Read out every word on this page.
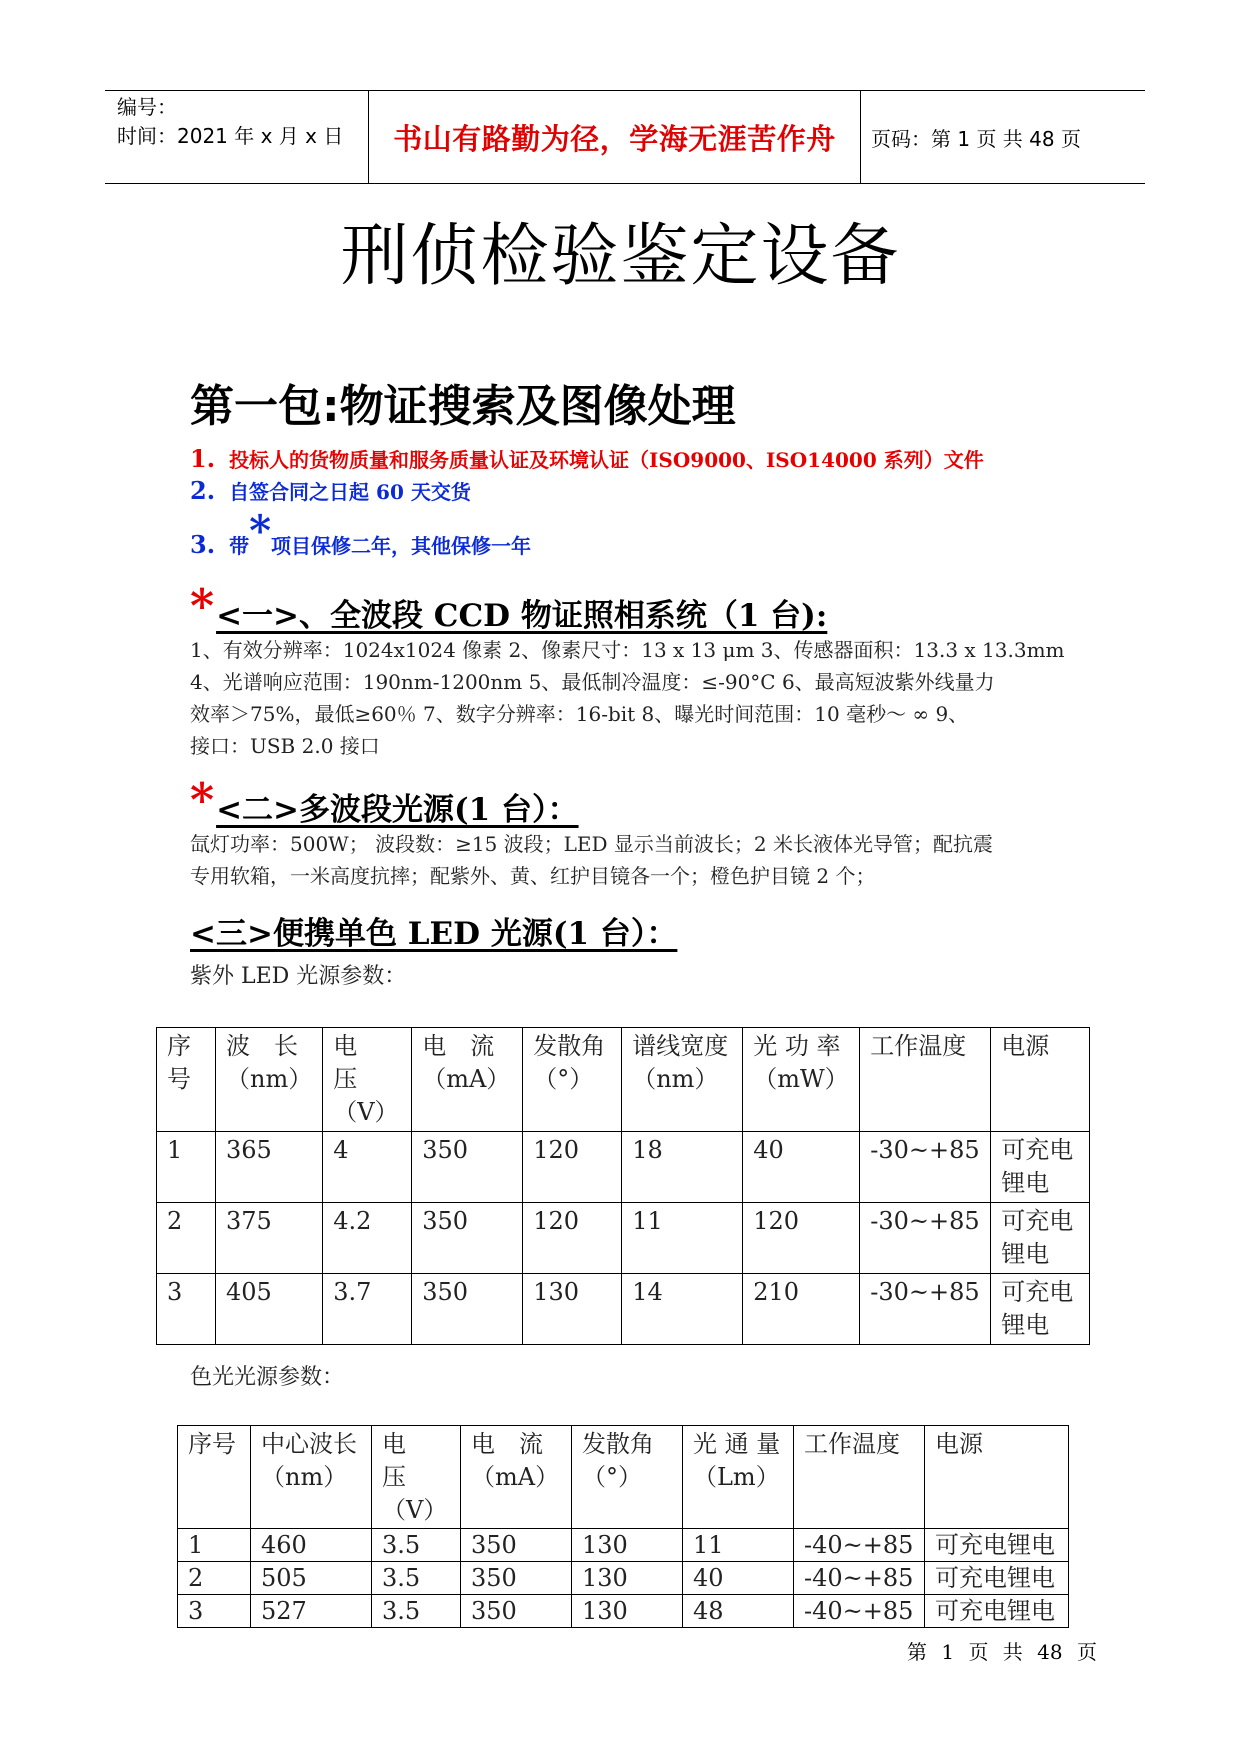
编号：
时间：2021 年 x 月 x 日	书山有路勤为径，学海无涯苦作舟	页码：第 1 页 共 48 页
刑侦检验鉴定设备
第一包:物证搜索及图像处理
1. 投标人的货物质量和服务质量认证及环境认证（ISO9000、ISO14000 系列）文件
2. 自签合同之日起 60 天交货
3. 带*项目保修二年，其他保修一年
*<一>、全波段 CCD 物证照相系统（1 台):

1、有效分辨率：1024x1024 像素 2、像素尺寸：13 x 13 μm 3、传感器面积：13.3 x 13.3mm

4、光谱响应范围：190nm-1200nm 5、最低制冷温度：≤-90°C 6、最高短波紫外线量力

效率＞75%，最低≥60％ 7、数字分辨率：16-bit 8、曝光时间范围：10 毫秒～ ∞ 9、

接口：USB 2.0 接口

*<二>多波段光源(1 台）：

氙灯功率：500W； 波段数：≥15 波段；LED 显示当前波长；2 米长液体光导管；配抗震

专用软箱，一米高度抗摔；配紫外、黄、红护目镜各一个；橙色护目镜 2 个；

<三>便携单色 LED 光源(1 台）：

紫外 LED 光源参数：

序号	波　长（nm）	电　压（V）	电　流（mA）	发散角（°）	谱线宽度（nm）	光 功 率（mW）	工作温度	电源
1	365	4	350	120	18	40	-30~+85	可充电锂电
2	375	4.2	350	120	11	120	-30~+85	可充电锂电
3	405	3.7	350	130	14	210	-30~+85	可充电锂电

色光光源参数：

序号	中心波长（nm）	电　压（V）	电　流（mA）	发散角（°）	光 通 量（Lm）	工作温度	电源
1	460	3.5	350	130	11	-40~+85	可充电锂电
2	505	3.5	350	130	40	-40~+85	可充电锂电
3	527	3.5	350	130	48	-40~+85	可充电锂电
第 1 页 共 48 页
